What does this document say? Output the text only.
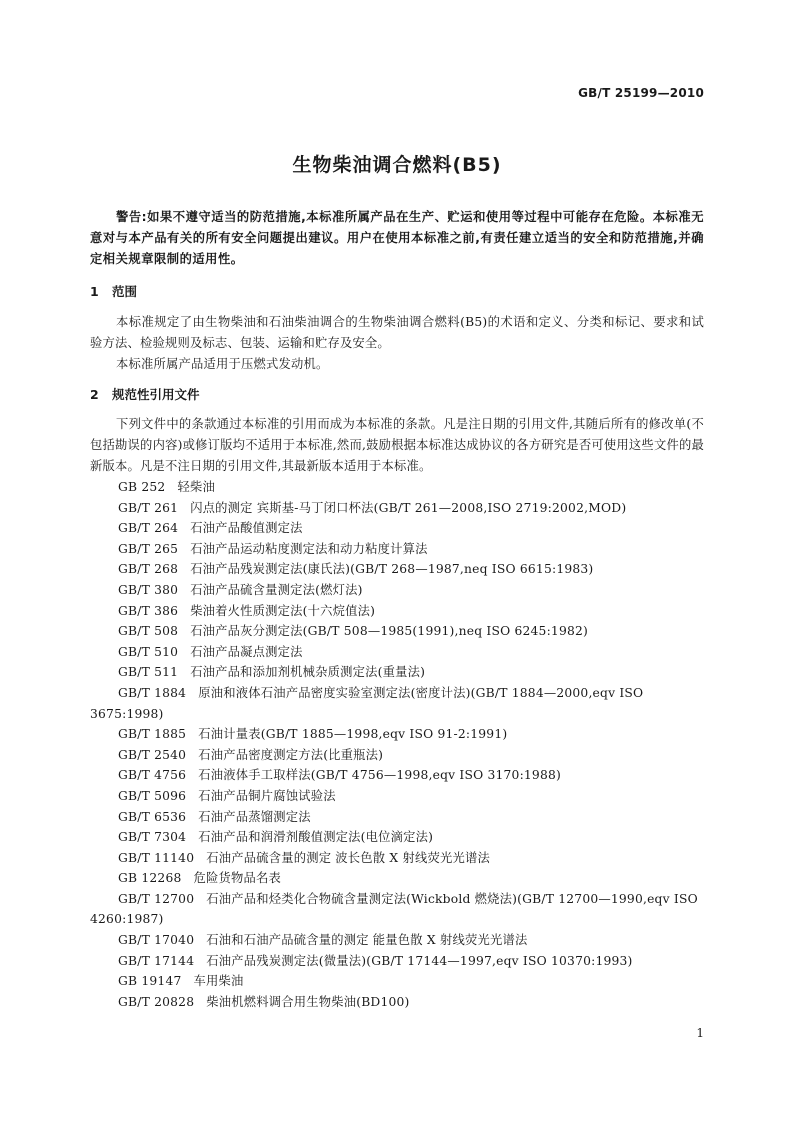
GB/T 25199—2010
生物柴油调合燃料(B5)
警告:如果不遵守适当的防范措施,本标准所属产品在生产、贮运和使用等过程中可能存在危险。本标准无意对与本产品有关的所有安全问题提出建议。用户在使用本标准之前,有责任建立适当的安全和防范措施,并确定相关规章限制的适用性。
1 范围
本标准规定了由生物柴油和石油柴油调合的生物柴油调合燃料(B5)的术语和定义、分类和标记、要求和试验方法、检验规则及标志、包装、运输和贮存及安全。
本标准所属产品适用于压燃式发动机。
2 规范性引用文件
下列文件中的条款通过本标准的引用而成为本标准的条款。凡是注日期的引用文件,其随后所有的修改单(不包括勘误的内容)或修订版均不适用于本标准,然而,鼓励根据本标准达成协议的各方研究是否可使用这些文件的最新版本。凡是不注日期的引用文件,其最新版本适用于本标准。
GB 252 轻柴油
GB/T 261 闪点的测定 宾斯基-马丁闭口杯法(GB/T 261—2008,ISO 2719:2002,MOD)
GB/T 264 石油产品酸值测定法
GB/T 265 石油产品运动粘度测定法和动力粘度计算法
GB/T 268 石油产品残炭测定法(康氏法)(GB/T 268—1987,neq ISO 6615:1983)
GB/T 380 石油产品硫含量测定法(燃灯法)
GB/T 386 柴油着火性质测定法(十六烷值法)
GB/T 508 石油产品灰分测定法(GB/T 508—1985(1991),neq ISO 6245:1982)
GB/T 510 石油产品凝点测定法
GB/T 511 石油产品和添加剂机械杂质测定法(重量法)
GB/T 1884 原油和液体石油产品密度实验室测定法(密度计法)(GB/T 1884—2000,eqv ISO 3675:1998)
GB/T 1885 石油计量表(GB/T 1885—1998,eqv ISO 91-2:1991)
GB/T 2540 石油产品密度测定方法(比重瓶法)
GB/T 4756 石油液体手工取样法(GB/T 4756—1998,eqv ISO 3170:1988)
GB/T 5096 石油产品铜片腐蚀试验法
GB/T 6536 石油产品蒸馏测定法
GB/T 7304 石油产品和润滑剂酸值测定法(电位滴定法)
GB/T 11140 石油产品硫含量的测定 波长色散 X 射线荧光光谱法
GB 12268 危险货物品名表
GB/T 12700 石油产品和烃类化合物硫含量测定法(Wickbold 燃烧法)(GB/T 12700—1990,eqv ISO 4260:1987)
GB/T 17040 石油和石油产品硫含量的测定 能量色散 X 射线荧光光谱法
GB/T 17144 石油产品残炭测定法(微量法)(GB/T 17144—1997,eqv ISO 10370:1993)
GB 19147 车用柴油
GB/T 20828 柴油机燃料调合用生物柴油(BD100)
1
